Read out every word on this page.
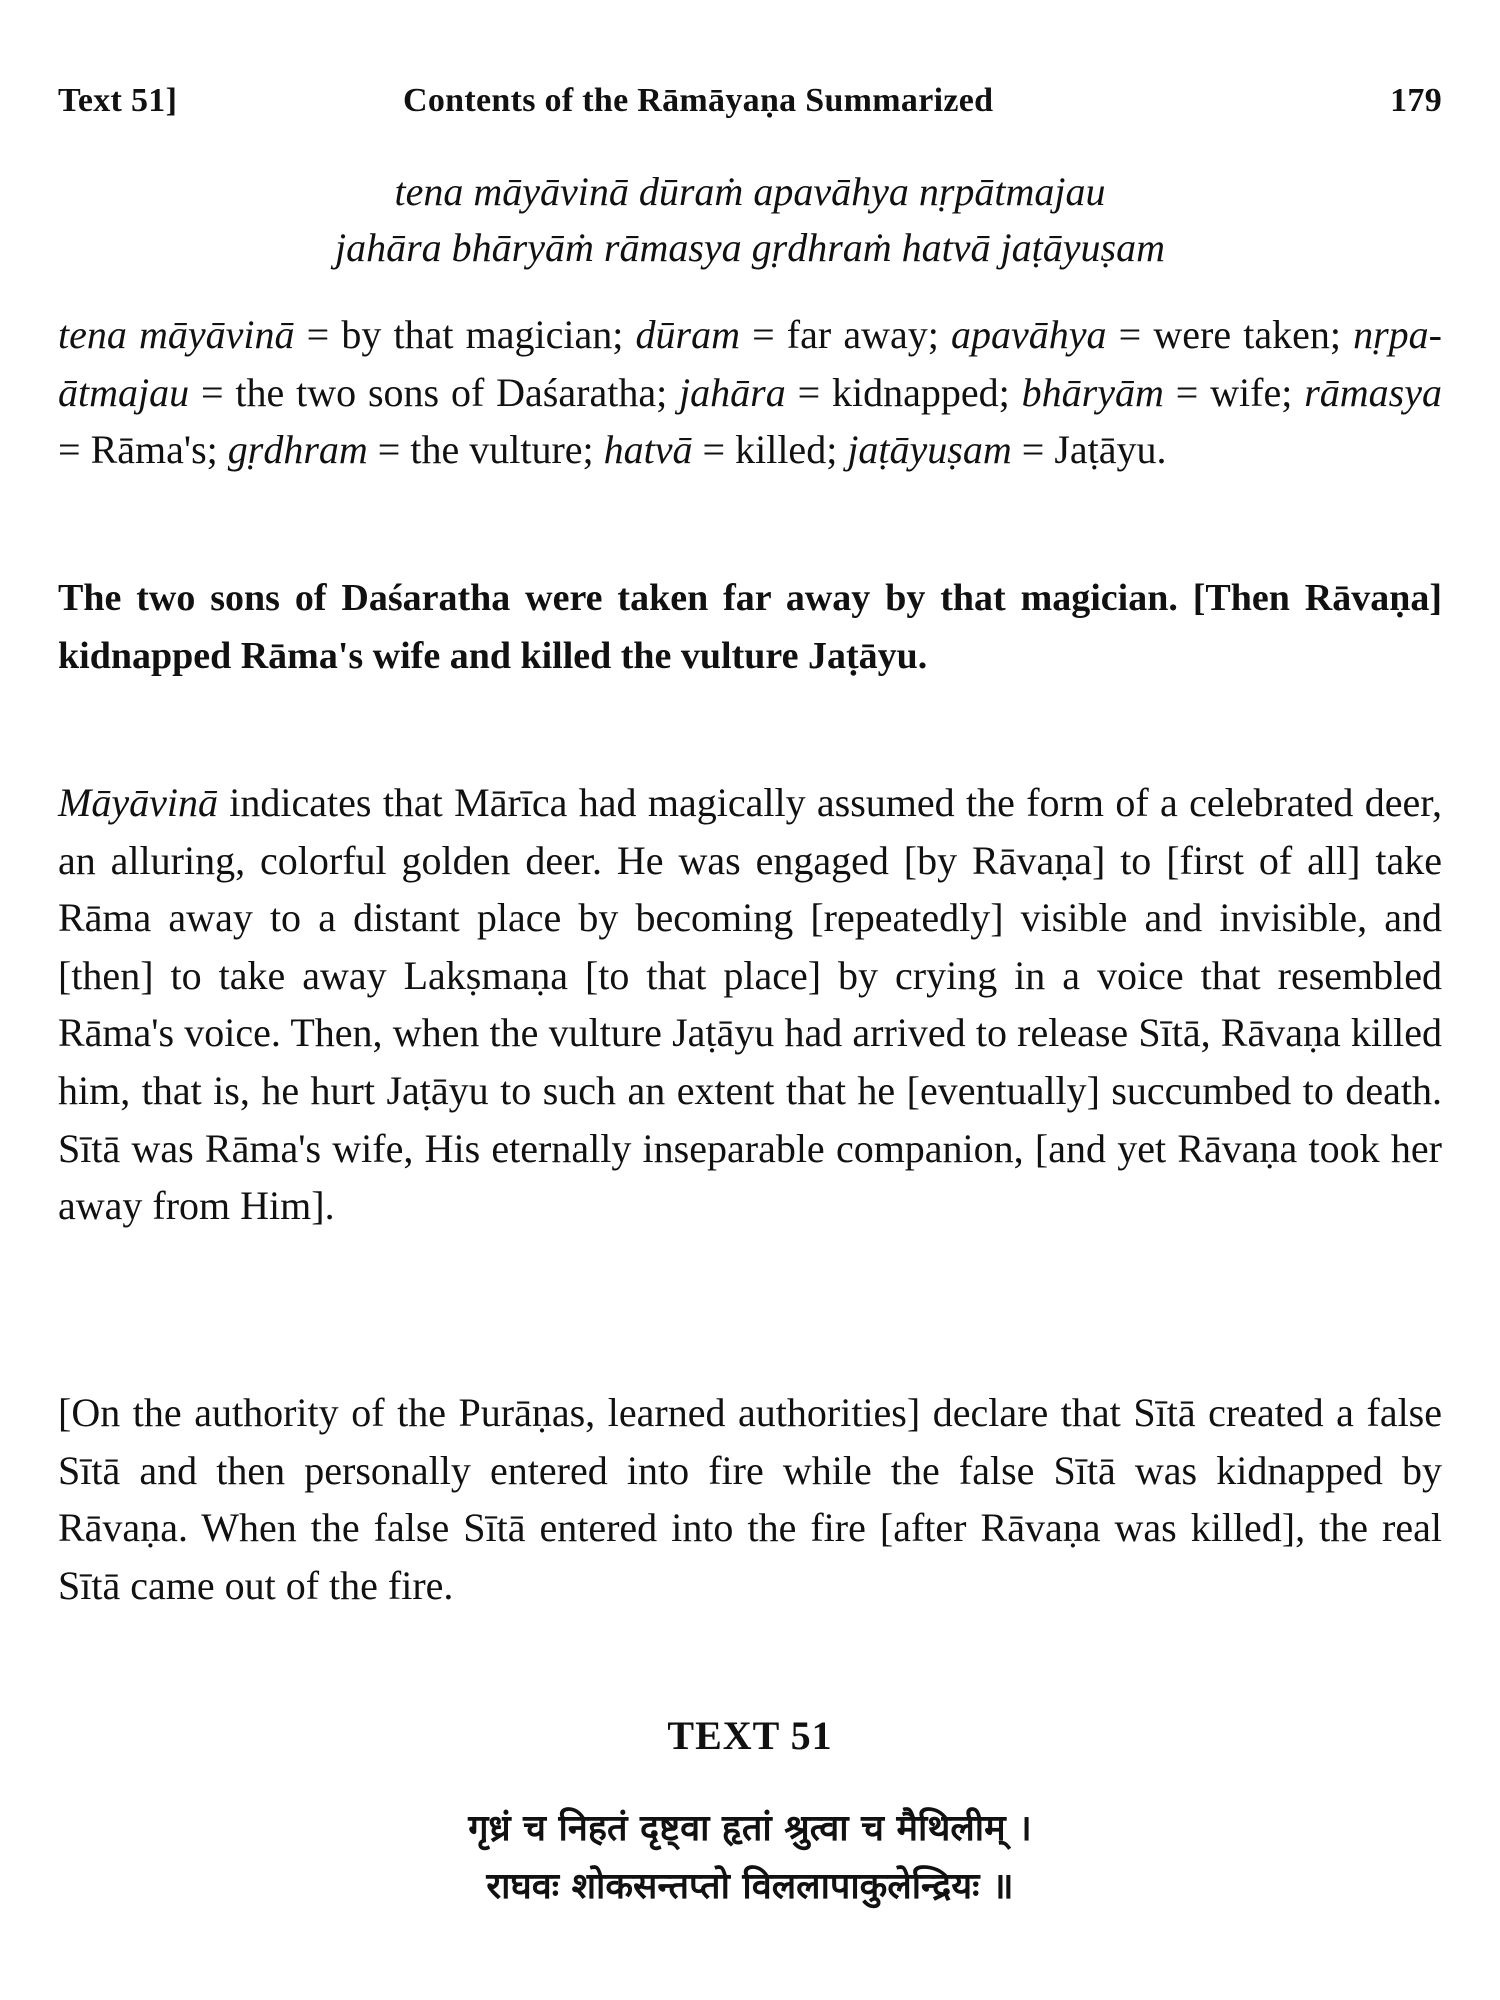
Text 51]	Contents of the Rāmāyaṇa Summarized	179
tena māyāvinā dūraṁ apavāhya nṛpātmajau
jahāra bhāryāṁ rāmasya gṛdhraṁ hatvā jaṭāyuṣam

tena māyāvinā = by that magician; dūram = far away; apavāhya = were taken; nṛpa-ātmajau = the two sons of Daśaratha; jahāra = kidnapped; bhāryām = wife; rāmasya = Rāma's; gṛdhram = the vulture; hatvā = killed; jaṭāyuṣam = Jaṭāyu.

The two sons of Daśaratha were taken far away by that magician. [Then Rāvaṇa] kidnapped Rāma's wife and killed the vulture Jaṭāyu.

Māyāvinā indicates that Mārīca had magically assumed the form of a celebrated deer, an alluring, colorful golden deer. He was engaged [by Rāvaṇa] to [first of all] take Rāma away to a distant place by becoming [repeatedly] visible and invisible, and [then] to take away Lakṣmaṇa [to that place] by crying in a voice that resembled Rāma's voice. Then, when the vulture Jaṭāyu had arrived to release Sītā, Rāvaṇa killed him, that is, he hurt Jaṭāyu to such an extent that he [eventually] succumbed to death. Sītā was Rāma's wife, His eternally inseparable companion, [and yet Rāvaṇa took her away from Him].

[On the authority of the Purāṇas, learned authorities] declare that Sītā created a false Sītā and then personally entered into fire while the false Sītā was kidnapped by Rāvaṇa. When the false Sītā entered into the fire [after Rāvaṇa was killed], the real Sītā came out of the fire.

TEXT 51
गृध्रं च निहतं दृष्ट्वा हृतां श्रुत्वा च मैथिलीम् ।
राघवः शोकसन्तप्तो विललापाकुलेन्द्रियः ॥
